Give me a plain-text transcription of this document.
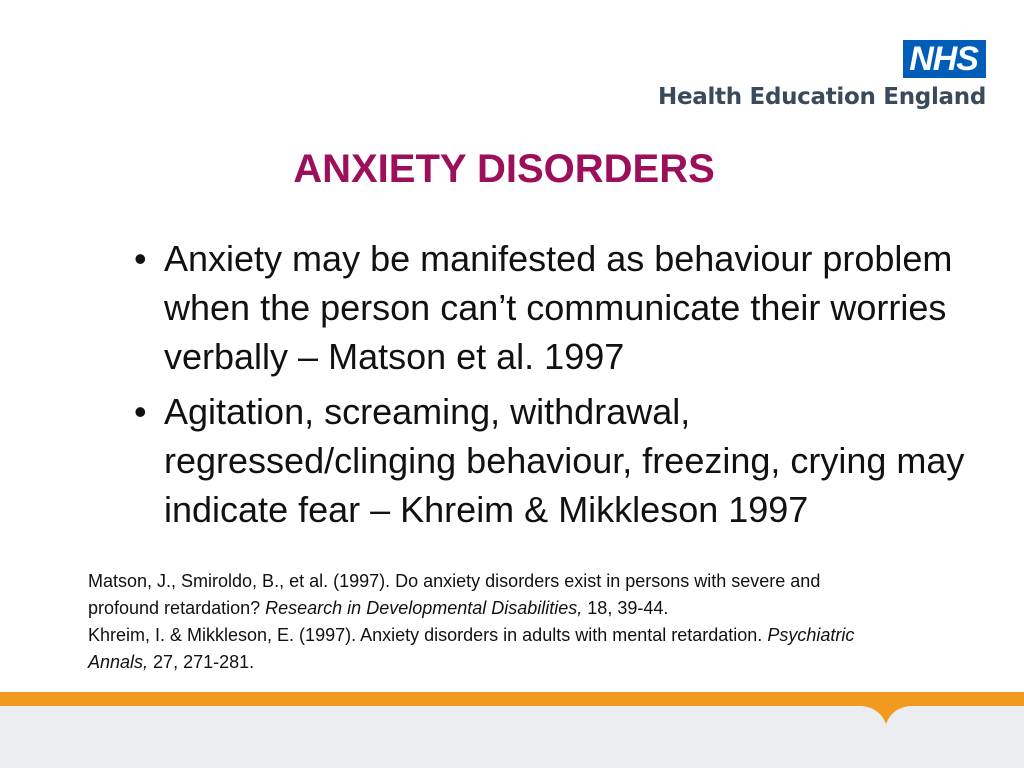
NHS
Health Education England
ANXIETY DISORDERS
• Anxiety may be manifested as behaviour problem when the person can’t communicate their worries verbally – Matson et al. 1997
• Agitation, screaming, withdrawal, regressed/clinging behaviour, freezing, crying may indicate fear – Khreim & Mikkleson 1997

Matson, J., Smiroldo, B., et al. (1997). Do anxiety disorders exist in persons with severe and profound retardation? Research in Developmental Disabilities, 18, 39-44.

Khreim, I. & Mikkleson, E. (1997). Anxiety disorders in adults with mental retardation. Psychiatric Annals, 27, 271-281.
